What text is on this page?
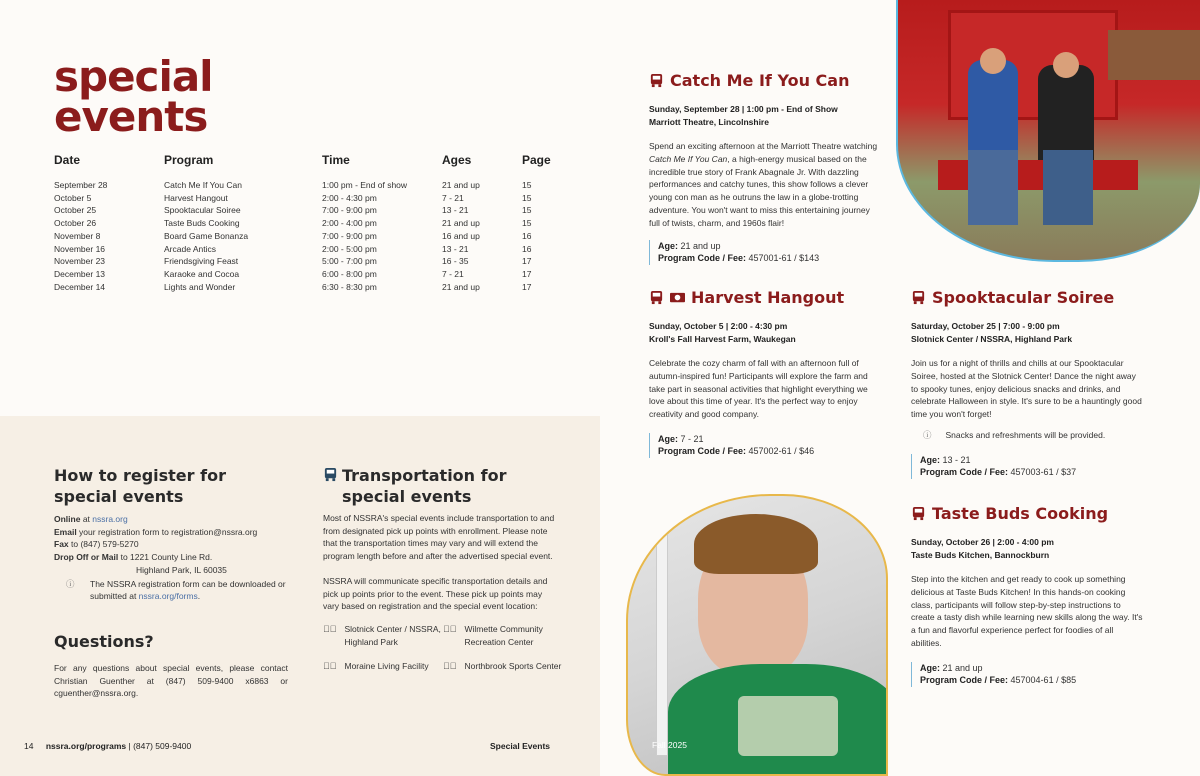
special
events
Date	Program	Time	Ages	Page
September 28	Catch Me If You Can	1:00 pm - End of show	21 and up	15
October 5	Harvest Hangout	2:00 - 4:30 pm	7 - 21	15
October 25	Spooktacular Soiree	7:00 - 9:00 pm	13 - 21	15
October 26	Taste Buds Cooking	2:00 - 4:00 pm	21 and up	15
November 8	Board Game Bonanza	7:00 - 9:00 pm	16 and up	16
November 16	Arcade Antics	2:00 - 5:00 pm	13 - 21	16
November 23	Friendsgiving Feast	5:00 - 7:00 pm	16 - 35	17
December 13	Karaoke and Cocoa	6:00 - 8:00 pm	7 - 21	17
December 14	Lights and Wonder	6:30 - 8:30 pm	21 and up	17
How to register for
special events
Online at nssra.org
Email your registration form to registration@nssra.org
Fax to (847) 579-5270
Drop Off or Mail to 1221 County Line Rd.
Highland Park, IL 60035
ⓘ	The NSSRA registration form can be downloaded or submitted at nssra.org/forms.
Questions?
For any questions about special events, please contact Christian Guenther at (847) 509-9400 x6863 or cguenther@nssra.org.
Transportation for
special events
Most of NSSRA's special events include transportation to and from designated pick up points with enrollment. Please note that the transportation times may vary and will extend the program length before and after the advertised special event.
NSSRA will communicate specific transportation details and pick up points prior to the event. These pick up points may vary based on registration and the special event location:
▶⃞ Slotnick Center / NSSRA, Highland Park
▶⃞ Wilmette Community Recreation Center
▶⃞ Moraine Living Facility ▶⃞ Northbrook Sports Center
14 nssra.org/programs | (847) 509-9400	Special Events	Fall 2025
Catch Me If You Can
Sunday, September 28 | 1:00 pm - End of Show
Marriott Theatre, Lincolnshire
Spend an exciting afternoon at the Marriott Theatre watching Catch Me If You Can, a high-energy musical based on the incredible true story of Frank Abagnale Jr. With dazzling performances and catchy tunes, this show follows a clever young con man as he outruns the law in a globe-trotting adventure. You won't want to miss this entertaining journey full of twists, charm, and 1960s flair!
Age: 21 and up
Program Code / Fee: 457001-61 / $143
Harvest Hangout
Sunday, October 5 | 2:00 - 4:30 pm
Kroll's Fall Harvest Farm, Waukegan
Celebrate the cozy charm of fall with an afternoon full of autumn-inspired fun! Participants will explore the farm and take part in seasonal activities that highlight everything we love about this time of year. It's the perfect way to enjoy creativity and good company.
Age: 7 - 21
Program Code / Fee: 457002-61 / $46
Spooktacular Soiree
Saturday, October 25 | 7:00 - 9:00 pm
Slotnick Center / NSSRA, Highland Park
Join us for a night of thrills and chills at our Spooktacular Soiree, hosted at the Slotnick Center! Dance the night away to spooky tunes, enjoy delicious snacks and drinks, and celebrate Halloween in style. It's sure to be a hauntingly good time you won't forget!
ⓘ Snacks and refreshments will be provided.
Age: 13 - 21
Program Code / Fee: 457003-61 / $37
Taste Buds Cooking
Sunday, October 26 | 2:00 - 4:00 pm
Taste Buds Kitchen, Bannockburn
Step into the kitchen and get ready to cook up something delicious at Taste Buds Kitchen! In this hands-on cooking class, participants will follow step-by-step instructions to create a tasty dish while learning new skills along the way. It's a fun and flavorful experience perfect for foodies of all abilities.
Age: 21 and up
Program Code / Fee: 457004-61 / $85
